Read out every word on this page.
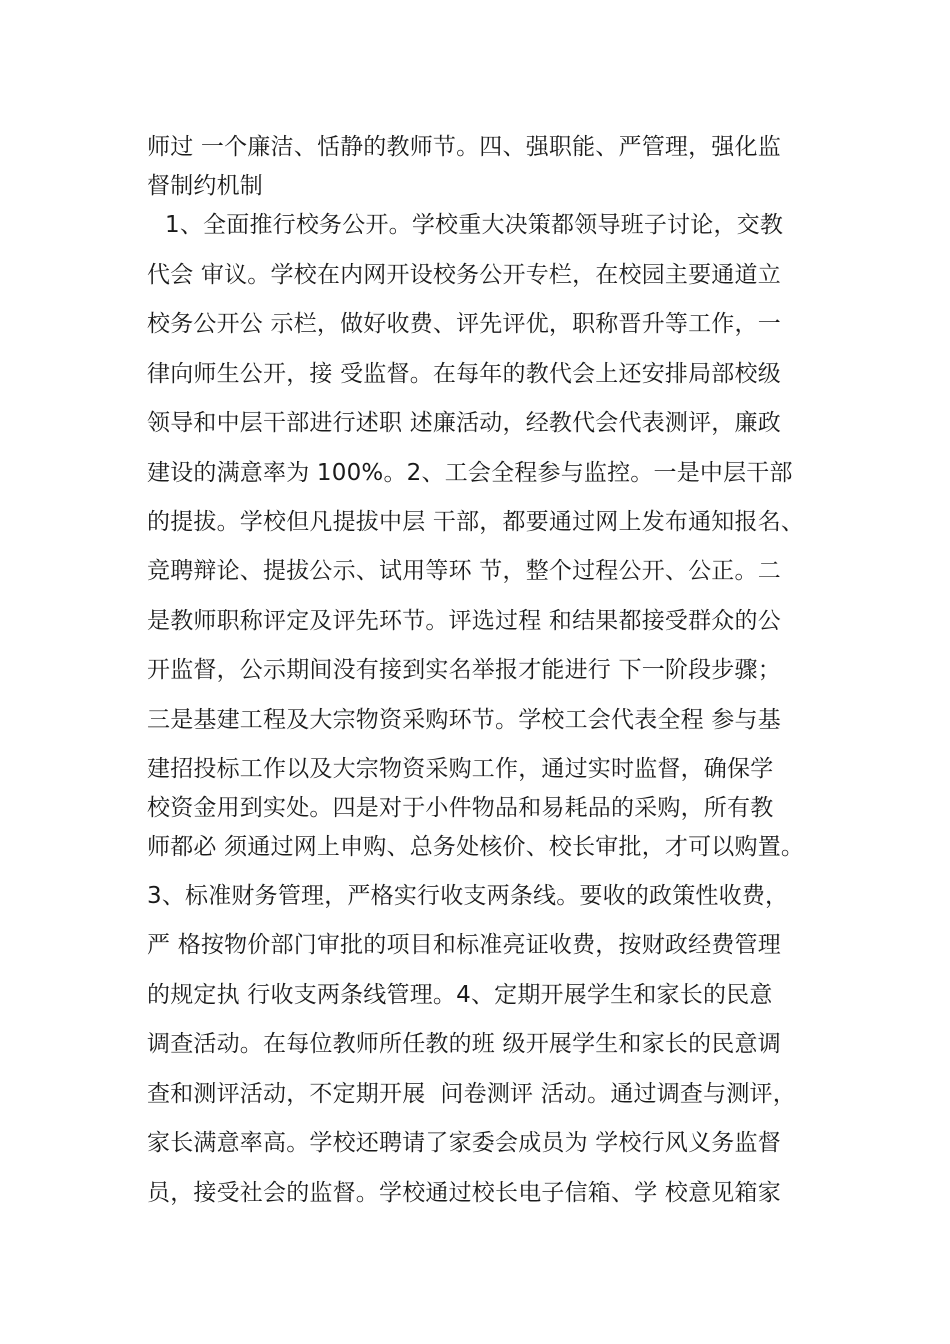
师过 一个廉洁、恬静的教师节。四、强职能、严管理，强化监
督制约机制
1、全面推行校务公开。学校重大决策都领导班子讨论，交教
代会 审议。学校在内网开设校务公开专栏，在校园主要通道立
校务公开公 示栏，做好收费、评先评优，职称晋升等工作，一
律向师生公开，接 受监督。在每年的教代会上还安排局部校级
领导和中层干部进行述职 述廉活动，经教代会代表测评，廉政
建设的满意率为 100%。2、工会全程参与监控。一是中层干部
的提拔。学校但凡提拔中层 干部，都要通过网上发布通知报名、
竞聘辩论、提拔公示、试用等环 节，整个过程公开、公正。二
是教师职称评定及评先环节。评选过程 和结果都接受群众的公
开监督，公示期间没有接到实名举报才能进行 下一阶段步骤；
三是基建工程及大宗物资采购环节。学校工会代表全程 参与基
建招投标工作以及大宗物资采购工作，通过实时监督，确保学
校资金用到实处。四是对于小件物品和易耗品的采购，所有教
师都必 须通过网上申购、总务处核价、校长审批，才可以购置。
3、标准财务管理，严格实行收支两条线。要收的政策性收费，
严 格按物价部门审批的项目和标准亮证收费，按财政经费管理
的规定执 行收支两条线管理。4、定期开展学生和家长的民意
调查活动。在每位教师所任教的班 级开展学生和家长的民意调
查和测评活动，不定期开展  问卷测评 活动。通过调查与测评，
家长满意率高。学校还聘请了家委会成员为 学校行风义务监督
员，接受社会的监督。学校通过校长电子信箱、学 校意见箱家
